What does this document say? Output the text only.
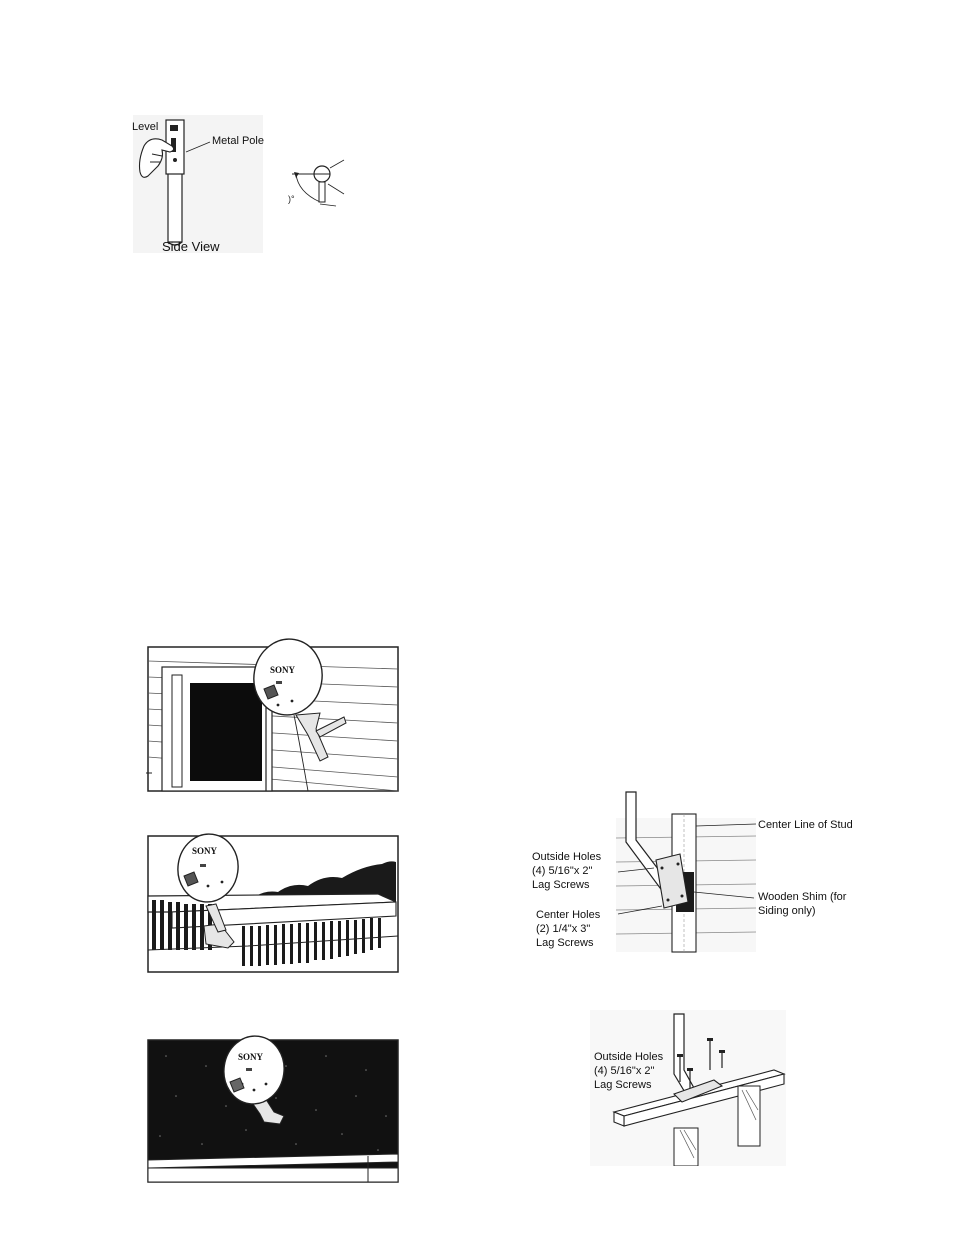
)°
Level
Metal Pole
Side View
SONY
SONY
SONY
Center Line of Stud
Outside Holes
(4) 5/16"x 2"
Lag Screws
Wooden Shim (for
Siding only)
Center Holes
(2) 1/4"x 3"
Lag Screws
Outside Holes
(4) 5/16"x 2"
Lag Screws
